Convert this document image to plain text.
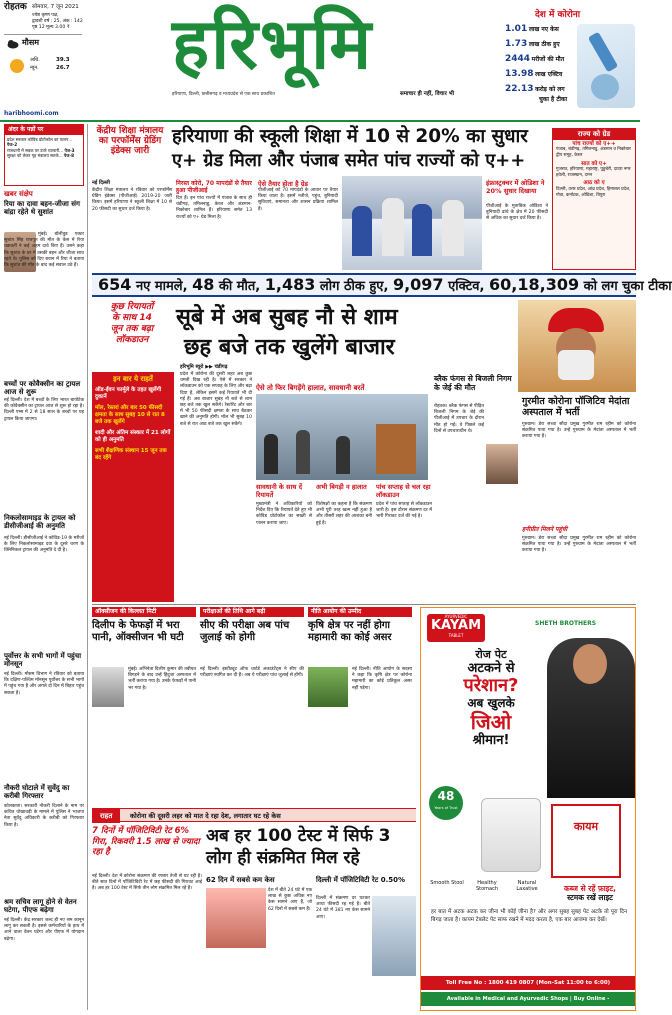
रोहतक सोमवार, 7 जून 2021
ज्येष्ठ कृष्ण पक्ष,
द्वादशी वर्ष : 25, अंक : 142
पृष्ठ 12 मूल्य 3.00 ₹
मौसम
अधि.	39.3
न्यून.	26.7
haribhoomi.com
हरिभूमि
हरियाणा, दिल्ली, छत्तीसगढ़ व मध्यप्रदेश से एक साथ प्रकाशित	समाचार ही नहीं, विचार भी
देश में कोरोना
1.01 लाख नए केस
1.73 लाख ठीक हुए
2444 मरीजों की मौत
13.98 लाख एक्टिव
22.13 करोड़ को लग
चुका है टीका
अंदर के पन्नों पर
प्रदेश सरकार कोविड प्रोटोकॉल का पालन... पेज-2
राजधानी में सड़क पर उतरे व्यापारी... पेज-3
सुरक्षा को लेकर गृह मंत्रालय सतर्क... पेज-8
खबर संक्षेप
रिया का दावा बहन-जीजा संग बांद्रा रहेते थे सुशांत
मुंबई। बॉलीवुड एक्टर सुशांत सिंह राजपूत की मौत के केस में रिया चक्रवर्ती ने कई अहम दावे किए हैं। उसने कहा कि सुशांत के घर में उसकी बहन और जीजा साथ रहते थे। पुलिस को दिए बयान में रिया ने बताया कि सुशांत की मौत के बाद कई सवाल उठे हैं।
बच्चों पर कोवैक्सीन का ट्रायल आज से शुरू
नई दिल्ली। देश में बच्चों के लिए भारत बायोटेक की कोवैक्सीन का ट्रायल आज से शुरू हो रहा है। दिल्ली एम्स में 2 से 18 साल के बच्चों पर यह ट्रायल किया जाएगा।
निकलोसामाइड के ट्रायल को डीसीजीआई की अनुमति
नई दिल्ली। डीसीजीआई ने कोविड-19 के मरीजों के लिए निकलोसामाइड दवा के दूसरे चरण के क्लिनिकल ट्रायल की अनुमति दे दी है।
पूर्वोत्तर के सभी भागों में पहुंचा मॉनसून
नई दिल्ली। मौसम विभाग ने रविवार को बताया कि दक्षिण-पश्चिम मॉनसून पूर्वोत्तर के सभी भागों में पहुंच गया है और अगले दो दिन में बिहार पहुंच सकता है।
नौकरी घोटाले में सुवेंदु का करीबी गिरफ्तार
कोलकाता। सरकारी नौकरी दिलाने के नाम पर कथित धोखाधड़ी के मामले में पुलिस ने भाजपा नेता सुवेंदु अधिकारी के करीबी को गिरफ्तार किया है।
श्रम सचिव लागू होने से वेतन घटेगा, पीएफ बढ़ेगा
नई दिल्ली। केंद्र सरकार जल्द ही नए श्रम कानून लागू कर सकती है। इससे कर्मचारियों के हाथ में आने वाला वेतन घटेगा और पीएफ में योगदान बढ़ेगा।
केंद्रीय शिक्षा मंत्रालय का परफॉर्मेंस ग्रेडिंग इंडेक्स जारी
हरियाणा की स्कूली शिक्षा में 10 से 20% का सुधार
ए+ ग्रेड मिला और पंजाब समेत पांच राज्यों को ए++
नई दिल्ली
केंद्रीय शिक्षा मंत्रालय ने रविवार को परफॉर्मेंस ग्रेडिंग इंडेक्स (पीजीआई) 2019-20 जारी किया। इसमें हरियाणा ने स्कूली शिक्षा में 10 से 20 फीसदी का सुधार दर्ज किया है।
निरस्त कोरो, 70 मापदंडों से तैयार हुआ पीजीआई
दिए हैं। इन पांच राज्यों में पंजाब के साथ ही चंडीगढ़, तमिलनाडु, केरल और अंडमान-निकोबार शामिल हैं। हरियाणा समेत 13 राज्यों को ए+ ग्रेड मिला है।
ऐसे तैयार होता है ग्रेड
पीजीआई को 70 मापदंडों के आधार पर तैयार किया जाता है। इसमें नतीजे, पहुंच, बुनियादी सुविधाएं, समानता और शासन प्रक्रिया शामिल हैं।
इंफ्रास्ट्रक्चर में ओडिशा ने 20% सुधार दिखाया
पीजीआई के मुताबिक ओडिशा ने बुनियादी ढांचे के क्षेत्र में 20 फीसदी से अधिक का सुधार दर्ज किया है।
राज्य को ग्रेड
पांच राज्यों को ए++
पंजाब, चंडीगढ़, तमिलनाडु, अंडमान व निकोबार द्वीप समूह, केरल
सात को ए+
गुजरात, हरियाणा, महाराष्ट्र, पुडुचेरी, दादरा नगर हवेली, राजस्थान, दमन
आठ को ए
दिल्ली, उत्तर प्रदेश, आंध्र प्रदेश, हिमाचल प्रदेश, गोवा, कर्नाटक, ओडिशा, त्रिपुरा
654 नए मामले, 48 की मौत, 1,483 लोग ठीक हुए, 9,097 एक्टिव, 60,18,309 को लग चुका टीका
कुछ रियायतों
के साथ 14
जून तक बढ़ा
लॉकडाउन
सूबे में अब सुबह नौ से शाम
छह बजे तक खुलेंगे बाजार
हरिभूमि ब्यूरो ▶▶ चंडीगढ़
प्रदेश में कोरोना की दूसरी लहर अब कुछ थमती दिख रही है। ऐसे में सरकार ने लॉकडाउन को एक सप्ताह के लिए और बढ़ा दिया है, लेकिन इसमें कई रियायतें भी दी गई हैं। अब बाजार सुबह नौ बजे से शाम छह बजे तक खुल सकेंगे। रेस्टोरेंट और बार में भी 50 फीसदी क्षमता के साथ बैठकर खाने की अनुमति होगी। मॉल भी सुबह 10 बजे से रात आठ बजे तक खुल सकेंगे।
इन बार ये राहतें
ऑड-ईवन फार्मूले के तहत खुलेंगी दुकानें
मॉल, रेस्तरां और बार 50 फीसदी क्षमता के साथ सुबह 10 से रात 8 बजे तक खुलेंगे
शादी और अंतिम संस्कार में 21 लोगों को ही अनुमति
सभी शैक्षणिक संस्थान 15 जून तक बंद रहेंगे
ऐसे तो फिर बिगड़ेंगे हालात, सावधानी बरतें
सावधानी के साथ दें रियायतें
मुख्यमंत्री ने अधिकारियों को निर्देश दिए कि रियायतें देते हुए भी कोविड प्रोटोकॉल का सख्ती से पालन कराया जाए।
अभी बिगड़ी न हालात
विशेषज्ञों का कहना है कि संक्रमण अभी पूरी तरह खत्म नहीं हुआ है और तीसरी लहर की आशंका बनी हुई है।
पांच सप्ताह से चल रहा लॉकडाउन
प्रदेश में पांच सप्ताह से लॉकडाउन जारी है। इस दौरान संक्रमण दर में भारी गिरावट दर्ज की गई है।
ब्लैक फंगस से बिजली निगम के जेई की मौत
रोहतक। ब्लैक फंगस से पीड़ित बिजली निगम के जेई की पीजीआई में उपचार के दौरान मौत हो गई। वे पिछले कई दिनों से उपचाराधीन थे।
गुरमीत कोरोना पॉजिटिव मेदांता अस्पताल में भर्ती
गुरुग्राम। डेरा सच्चा सौदा प्रमुख गुरमीत राम रहीम को कोरोना संक्रमित पाया गया है। उन्हें गुरुग्राम के मेदांता अस्पताल में भर्ती कराया गया है।
हनीप्रीत मिलने पहुंची
गुरुग्राम। डेरा सच्चा सौदा प्रमुख गुरमीत राम रहीम को कोरोना संक्रमित पाया गया है। उन्हें गुरुग्राम के मेदांता अस्पताल में भर्ती कराया गया है।
ऑक्सीजन की किल्लत मिटी
दिलीप के फेफड़ों में भरा पानी, ऑक्सीजन भी घटी
मुंबई। अभिनेता दिलीप कुमार की तबीयत बिगड़ने के बाद उन्हें हिंदुजा अस्पताल में भर्ती कराया गया है। उनके फेफड़ों में पानी भर गया है।
परीक्षाओं की तिथि आगे बढ़ी
सीए की परीक्षा अब पांच जुलाई को होगी
नई दिल्ली। इंस्टीट्यूट ऑफ चार्टर्ड अकाउंटेंट्स ने सीए की परीक्षाएं स्थगित कर दी हैं। अब ये परीक्षाएं पांच जुलाई से होंगी।
नीति आयोग की उम्मीद
कृषि क्षेत्र पर नहीं होगा महामारी का कोई असर
नई दिल्ली। नीति आयोग के सदस्य ने कहा कि कृषि क्षेत्र पर कोरोना महामारी का कोई प्रतिकूल असर नहीं पड़ेगा।
राहत	कोरोना की दूसरी लहर को मात दे रहा देश, लगातार घट रहे केस
7 दिनों में पॉजिटिविटी रेट 6% गिरा, रिकवरी 1.5 लाख से ज्यादा रहा है
अब हर 100 टेस्ट में सिर्फ 3
लोग ही संक्रमित मिल रहे
नई दिल्ली। देश में कोरोना संक्रमण की रफ्तार तेजी से घट रही है। बीते सात दिनों में पॉजिटिविटी रेट में छह फीसदी की गिरावट आई है। अब हर 100 टेस्ट में सिर्फ तीन लोग संक्रमित मिल रहे हैं।
62 दिन में सबसे कम केस
देश में बीते 24 घंटे में एक लाख से कुछ अधिक नए केस सामने आए हैं, जो 62 दिनों में सबसे कम हैं।
दिल्ली में पॉजिटिविटी रेट 0.50%
दिल्ली में संक्रमण दर घटकर आधा फीसदी रह गई है। बीते 24 घंटे में 381 नए केस सामने आए।
AYURVEDIC
KAYAM
TABLET
SHETH BROTHERS
रोज पेट
अटकने से
परेशान?
अब खुलके
जिओ
श्रीमान!
48
Years of Trust
कायम
Smooth Stool	Healthy Stomach
Natural Laxative	कब्ज से रहें फ़ाइट,
स्टमक रखें लाइट
हर बात में अटक अटक कर जीना भी कोई जीना है? और अगर सुबह सुबह पेट अटके तो पूरा दिन बिगड़ जाता है। कायम टेबलेट पेट साफ रखने में मदद करता है, एक बार आजमा कर देखें।
Toll Free No : 1800 419 0807 (Mon-Sat 11:00 to 6:00)
Available in Medical and Ayurvedic Shops | Buy Online -
